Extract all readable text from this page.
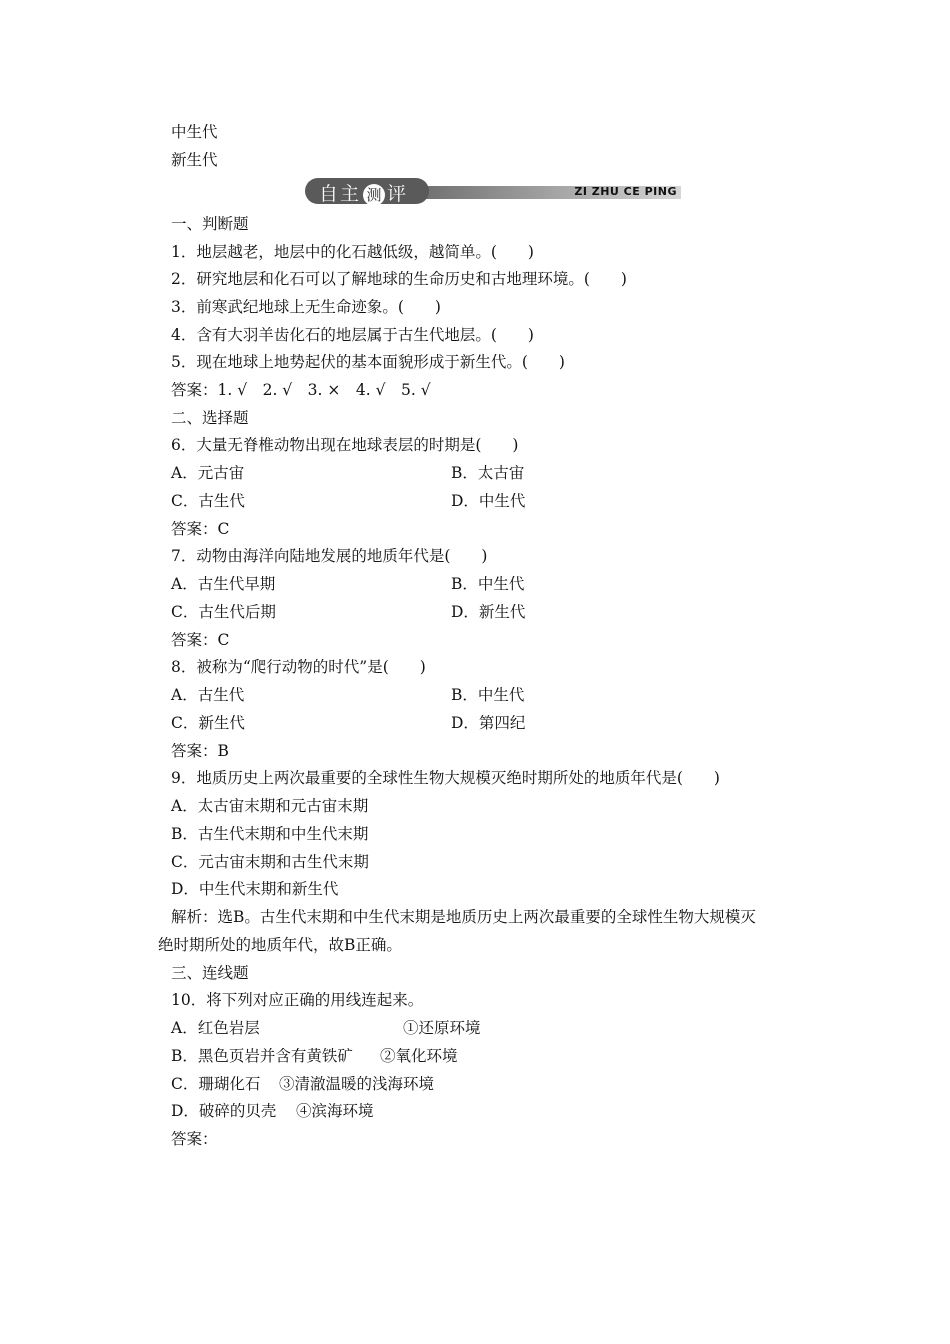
中生代
新生代
自主 测 评	ZI ZHU CE PING
一、判断题
1．地层越老，地层中的化石越低级，越简单。(　　)
2．研究地层和化石可以了解地球的生命历史和古地理环境。(　　)
3．前寒武纪地球上无生命迹象。(　　)
4．含有大羽羊齿化石的地层属于古生代地层。(　　)
5．现在地球上地势起伏的基本面貌形成于新生代。(　　)
答案：1. √　2. √　3. ×　4. √　5. √
二、选择题
6．大量无脊椎动物出现在地球表层的时期是(　　)
A．元古宙	B．太古宙
C．古生代	D．中生代
答案：C
7．动物由海洋向陆地发展的地质年代是(　　)
A．古生代早期	B．中生代
C．古生代后期	D．新生代
答案：C
8．被称为“爬行动物的时代”是(　　)
A．古生代	B．中生代
C．新生代	D．第四纪
答案：B
9．地质历史上两次最重要的全球性生物大规模灭绝时期所处的地质年代是(　　)
A．太古宙末期和元古宙末期
B．古生代末期和中生代末期
C．元古宙末期和古生代末期
D．中生代末期和新生代
解析：选B。古生代末期和中生代末期是地质历史上两次最重要的全球性生物大规模灭
绝时期所处的地质年代，故B正确。
三、连线题
10．将下列对应正确的用线连起来。
A．红色岩层	①还原环境
B．黑色页岩并含有黄铁矿 ②氧化环境
C．珊瑚化石 ③清澈温暖的浅海环境
D．破碎的贝壳 ④滨海环境
答案：
